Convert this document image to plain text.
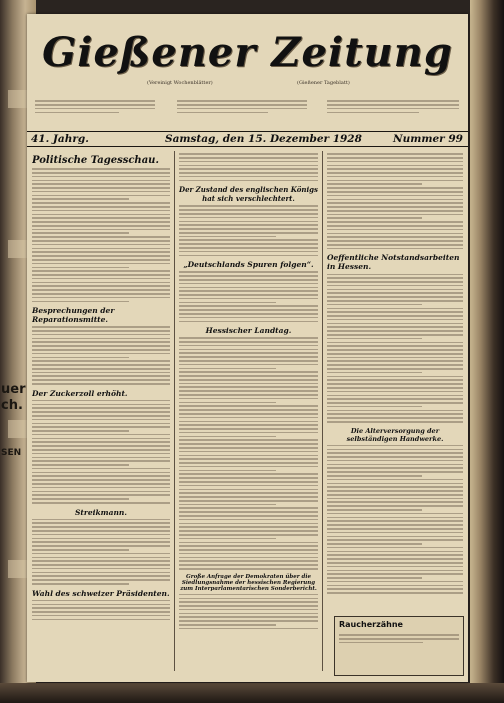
Gießener Zeitung
(Vereinigt Wochenblätter)	(Gießener Tageblatt)
41. Jahrg.	Samstag, den 15. Dezember 1928	Nummer 99
Politische Tagesschau.
Besprechungen der Reparationsmitte.
Der Zuckerzoll erhöht.
Streikmann.
Wahl des schweizer Präsidenten.
Der Zustand des englischen Königs hat sich verschlechtert.
„Deutschlands Spuren folgen“.
Hessischer Landtag.
Große Anfrage der Demokraten über die Siedlungsnahme der hessischen Regierung zum Interparlamentarischen Sonderbericht.
Oeffentliche Notstandsarbeiten in Hessen.
Die Alterversorgung der selbständigen Handwerke.
Raucherzähne
uer
ch.
SEN
